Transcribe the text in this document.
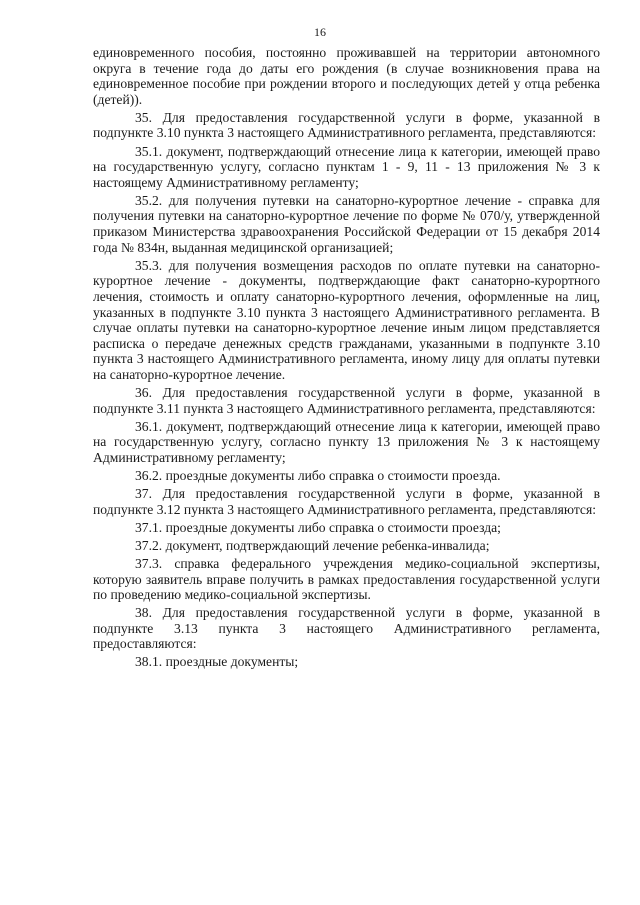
16

единовременного пособия, постоянно проживавшей на территории автономного округа в течение года до даты его рождения (в случае возникновения права на единовременное пособие при рождении второго и последующих детей у отца ребенка (детей)).

35. Для предоставления государственной услуги в форме, указанной в подпункте 3.10 пункта 3 настоящего Административного регламента, представляются:

35.1. документ, подтверждающий отнесение лица к категории, имеющей право на государственную услугу, согласно пунктам 1 - 9, 11 - 13 приложения № 3 к настоящему Административному регламенту;

35.2. для получения путевки на санаторно-курортное лечение - справка для получения путевки на санаторно-курортное лечение по форме № 070/у, утвержденной приказом Министерства здравоохранения Российской Федерации от 15 декабря 2014 года № 834н, выданная медицинской организацией;

35.3. для получения возмещения расходов по оплате путевки на санаторно-курортное лечение - документы, подтверждающие факт санаторно-курортного лечения, стоимость и оплату санаторно-курортного лечения, оформленные на лиц, указанных в подпункте 3.10 пункта 3 настоящего Административного регламента. В случае оплаты путевки на санаторно-курортное лечение иным лицом представляется расписка о передаче денежных средств гражданами, указанными в подпункте 3.10 пункта 3 настоящего Административного регламента, иному лицу для оплаты путевки на санаторно-курортное лечение.

36. Для предоставления государственной услуги в форме, указанной в подпункте 3.11 пункта 3 настоящего Административного регламента, представляются:

36.1. документ, подтверждающий отнесение лица к категории, имеющей право на государственную услугу, согласно пункту 13 приложения № 3 к настоящему Административному регламенту;

36.2. проездные документы либо справка о стоимости проезда.

37. Для предоставления государственной услуги в форме, указанной в подпункте 3.12 пункта 3 настоящего Административного регламента, представляются:

37.1. проездные документы либо справка о стоимости проезда;

37.2. документ, подтверждающий лечение ребенка-инвалида;

37.3. справка федерального учреждения медико-социальной экспертизы, которую заявитель вправе получить в рамках предоставления государственной услуги по проведению медико-социальной экспертизы.

38. Для предоставления государственной услуги в форме, указанной в подпункте 3.13 пункта 3 настоящего Административного регламента, предоставляются:

38.1. проездные документы;
